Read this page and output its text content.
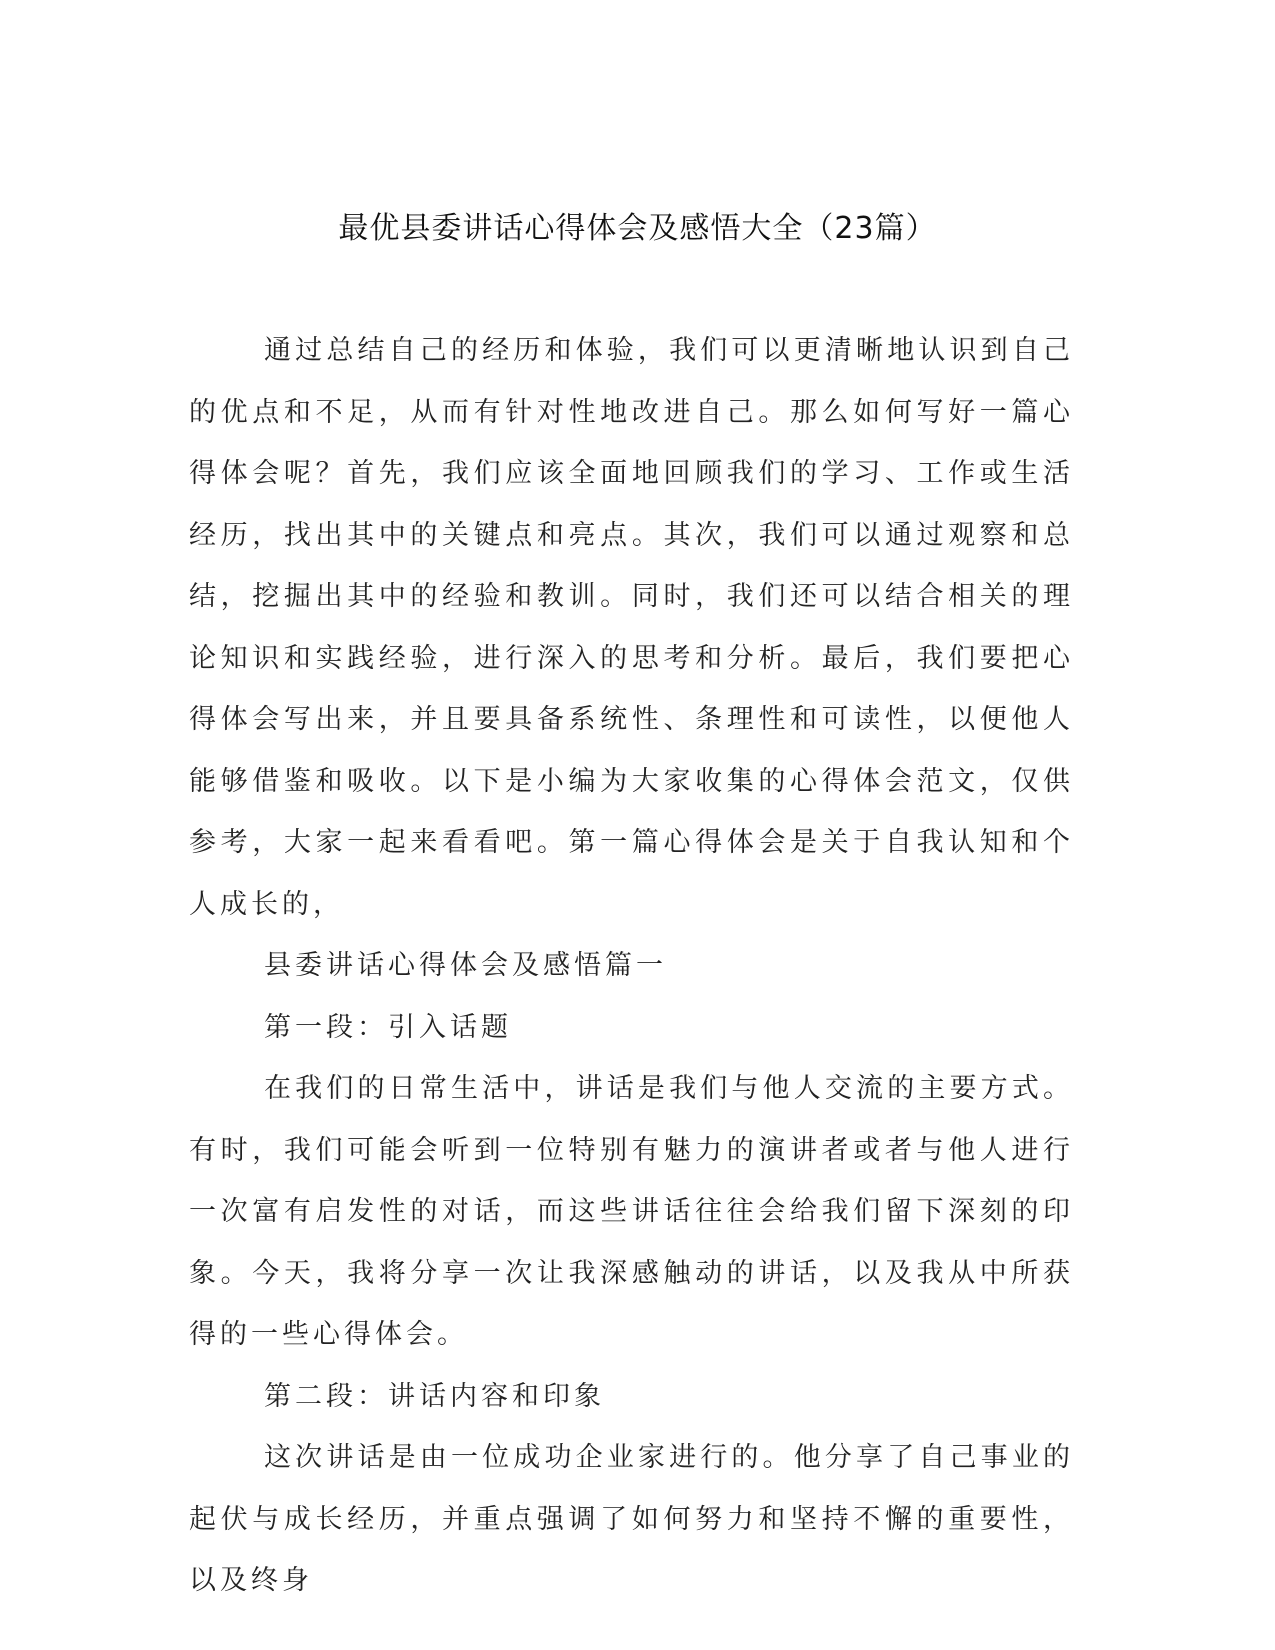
最优县委讲话心得体会及感悟大全（23篇）

通过总结自己的经历和体验，我们可以更清晰地认识到自己的优点和不足，从而有针对性地改进自己。那么如何写好一篇心得体会呢？首先，我们应该全面地回顾我们的学习、工作或生活经历，找出其中的关键点和亮点。其次，我们可以通过观察和总结，挖掘出其中的经验和教训。同时，我们还可以结合相关的理论知识和实践经验，进行深入的思考和分析。最后，我们要把心得体会写出来，并且要具备系统性、条理性和可读性，以便他人能够借鉴和吸收。以下是小编为大家收集的心得体会范文，仅供参考，大家一起来看看吧。第一篇心得体会是关于自我认知和个人成长的，

县委讲话心得体会及感悟篇一

第一段：引入话题

在我们的日常生活中，讲话是我们与他人交流的主要方式。有时，我们可能会听到一位特别有魅力的演讲者或者与他人进行一次富有启发性的对话，而这些讲话往往会给我们留下深刻的印象。今天，我将分享一次让我深感触动的讲话，以及我从中所获得的一些心得体会。

第二段：讲话内容和印象

这次讲话是由一位成功企业家进行的。他分享了自己事业的起伏与成长经历，并重点强调了如何努力和坚持不懈的重要性，以及终身
